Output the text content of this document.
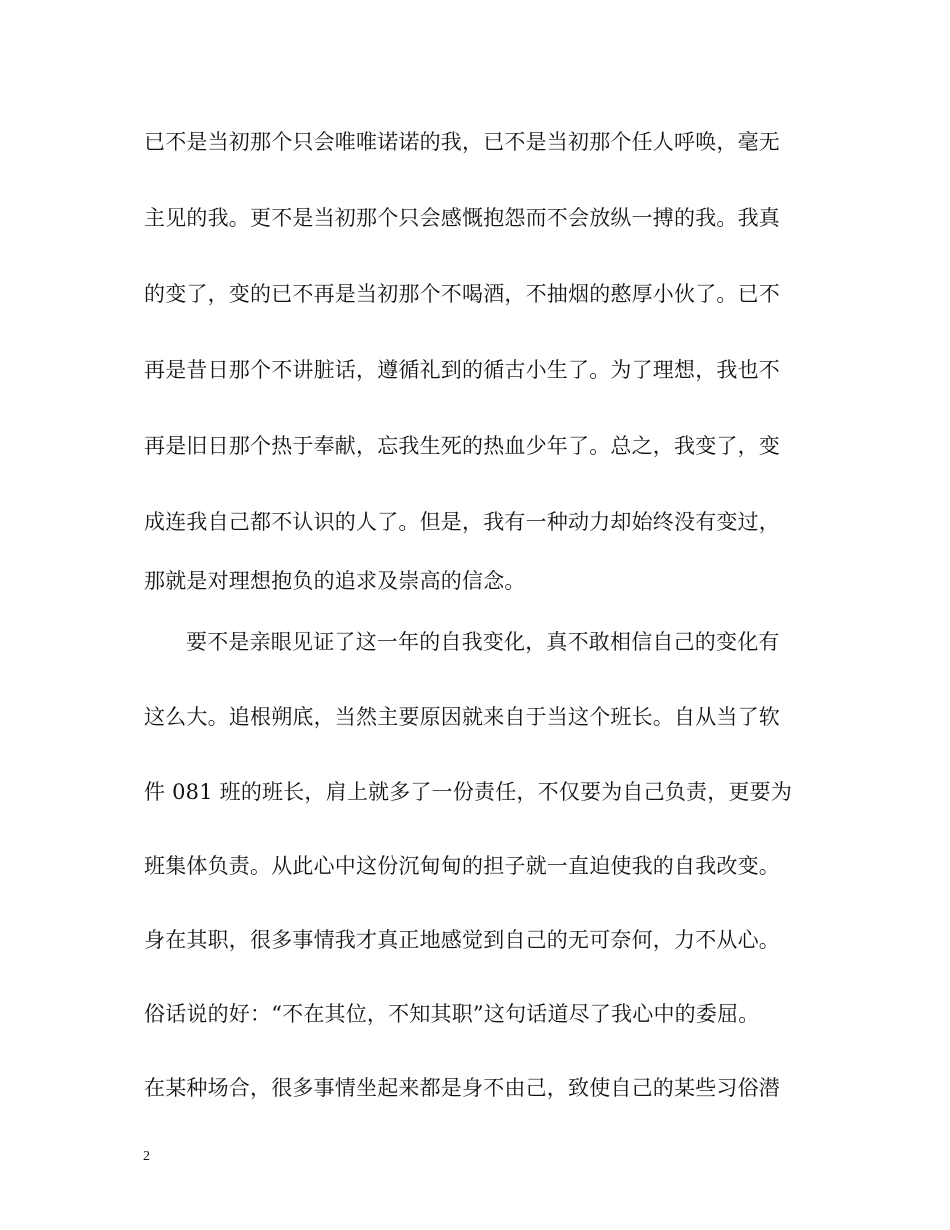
已不是当初那个只会唯唯诺诺的我，已不是当初那个任人呼唤，毫无
主见的我。更不是当初那个只会感慨抱怨而不会放纵一搏的我。我真
的变了，变的已不再是当初那个不喝酒，不抽烟的憨厚小伙了。已不
再是昔日那个不讲脏话，遵循礼到的循古小生了。为了理想，我也不
再是旧日那个热于奉献，忘我生死的热血少年了。总之，我变了，变
成连我自己都不认识的人了。但是，我有一种动力却始终没有变过，
那就是对理想抱负的追求及崇高的信念。
要不是亲眼见证了这一年的自我变化，真不敢相信自己的变化有
这么大。追根朔底，当然主要原因就来自于当这个班长。自从当了软
件 081 班的班长，肩上就多了一份责任，不仅要为自己负责，更要为
班集体负责。从此心中这份沉甸甸的担子就一直迫使我的自我改变。
身在其职，很多事情我才真正地感觉到自己的无可奈何，力不从心。
俗话说的好：“不在其位，不知其职”这句话道尽了我心中的委屈。
在某种场合，很多事情坐起来都是身不由己，致使自己的某些习俗潜
2
